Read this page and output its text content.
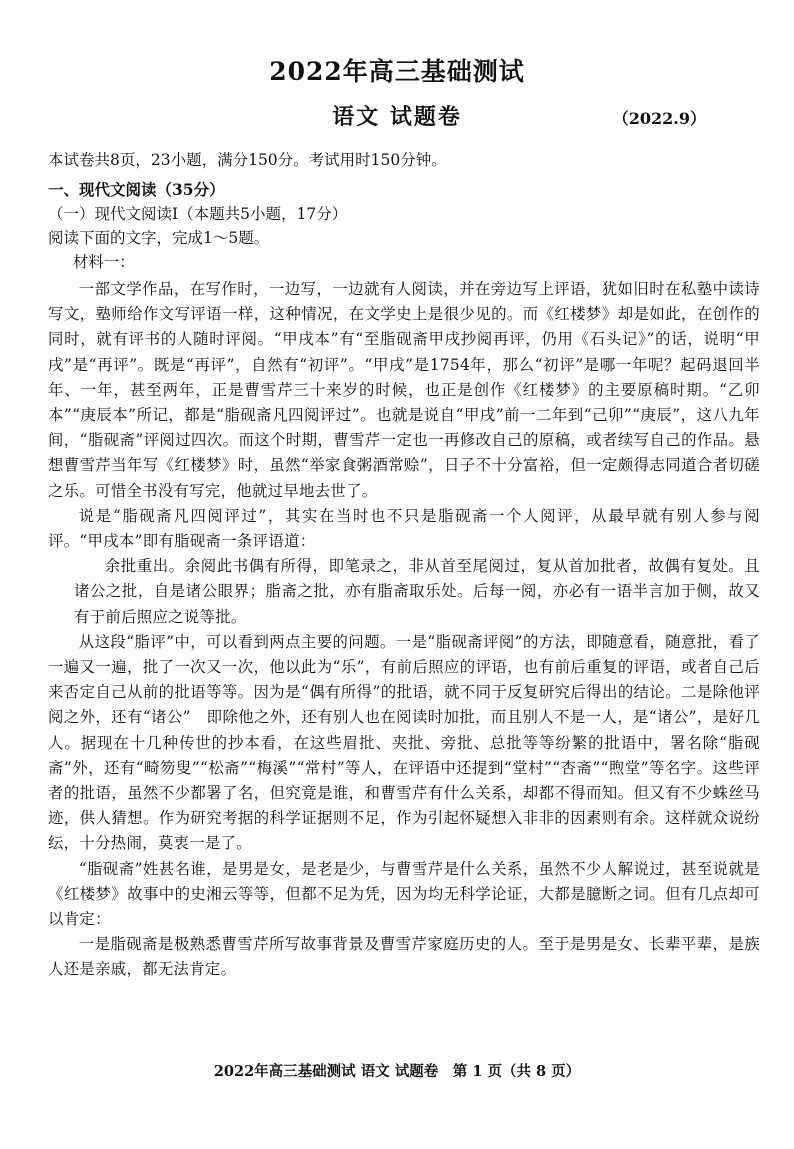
2022年高三基础测试
语文 试题卷	（2022.9）

本试卷共8页，23小题，满分150分。考试用时150分钟。

一、现代文阅读（35分）

（一）现代文阅读Ⅰ（本题共5小题，17分）

阅读下面的文字，完成1～5题。

材料一：

一部文学作品，在写作时，一边写，一边就有人阅读，并在旁边写上评语，犹如旧时在私塾中读诗写文，塾师给作文写评语一样，这种情况，在文学史上是很少见的。而《红楼梦》却是如此，在创作的同时，就有评书的人随时评阅。“甲戌本”有“至脂砚斋甲戌抄阅再评，仍用《石头记》”的话，说明“甲戌”是“再评”。既是“再评”，自然有“初评”。“甲戌”是1754年，那么“初评”是哪一年呢？起码退回半年、一年，甚至两年，正是曹雪芹三十来岁的时候，也正是创作《红楼梦》的主要原稿时期。“乙卯本”“庚辰本”所记，都是“脂砚斋凡四阅评过”。也就是说自“甲戌”前一二年到“己卯”“庚辰”，这八九年间，“脂砚斋”评阅过四次。而这个时期，曹雪芹一定也一再修改自己的原稿，或者续写自己的作品。悬想曹雪芹当年写《红楼梦》时，虽然“举家食粥酒常赊”，日子不十分富裕，但一定颇得志同道合者切磋之乐。可惜全书没有写完，他就过早地去世了。

说是“脂砚斋凡四阅评过”，其实在当时也不只是脂砚斋一个人阅评，从最早就有别人参与阅评。“甲戌本”即有脂砚斋一条评语道：

余批重出。余阅此书偶有所得，即笔录之，非从首至尾阅过，复从首加批者，故偶有复处。且诸公之批，自是诸公眼界；脂斋之批，亦有脂斋取乐处。后每一阅，亦必有一语半言加于侧，故又有于前后照应之说等批。

从这段“脂评”中，可以看到两点主要的问题。一是“脂砚斋评阅”的方法，即随意看，随意批，看了一遍又一遍，批了一次又一次，他以此为“乐”，有前后照应的评语，也有前后重复的评语，或者自己后来否定自己从前的批语等等。因为是“偶有所得”的批语，就不同于反复研究后得出的结论。二是除他评阅之外，还有“诸公”　即除他之外，还有别人也在阅读时加批，而且别人不是一人，是“诸公”，是好几人。据现在十几种传世的抄本看，在这些眉批、夹批、旁批、总批等等纷繁的批语中，署名除“脂砚斋”外，还有“畸笏叟”“松斋”“梅溪”“常村”等人，在评语中还提到“堂村”“杏斋”“煦堂”等名字。这些评者的批语，虽然不少都署了名，但究竟是谁，和曹雪芹有什么关系，却都不得而知。但又有不少蛛丝马迹，供人猜想。作为研究考据的科学证据则不足，作为引起怀疑想入非非的因素则有余。这样就众说纷纭，十分热闹，莫衷一是了。

“脂砚斋”姓甚名谁，是男是女，是老是少，与曹雪芹是什么关系，虽然不少人解说过，甚至说就是《红楼梦》故事中的史湘云等等，但都不足为凭，因为均无科学论证，大都是臆断之词。但有几点却可以肯定：

一是脂砚斋是极熟悉曹雪芹所写故事背景及曹雪芹家庭历史的人。至于是男是女、长辈平辈，是族人还是亲戚，都无法肯定。

2022年高三基础测试 语文 试题卷　第 1 页（共 8 页）
